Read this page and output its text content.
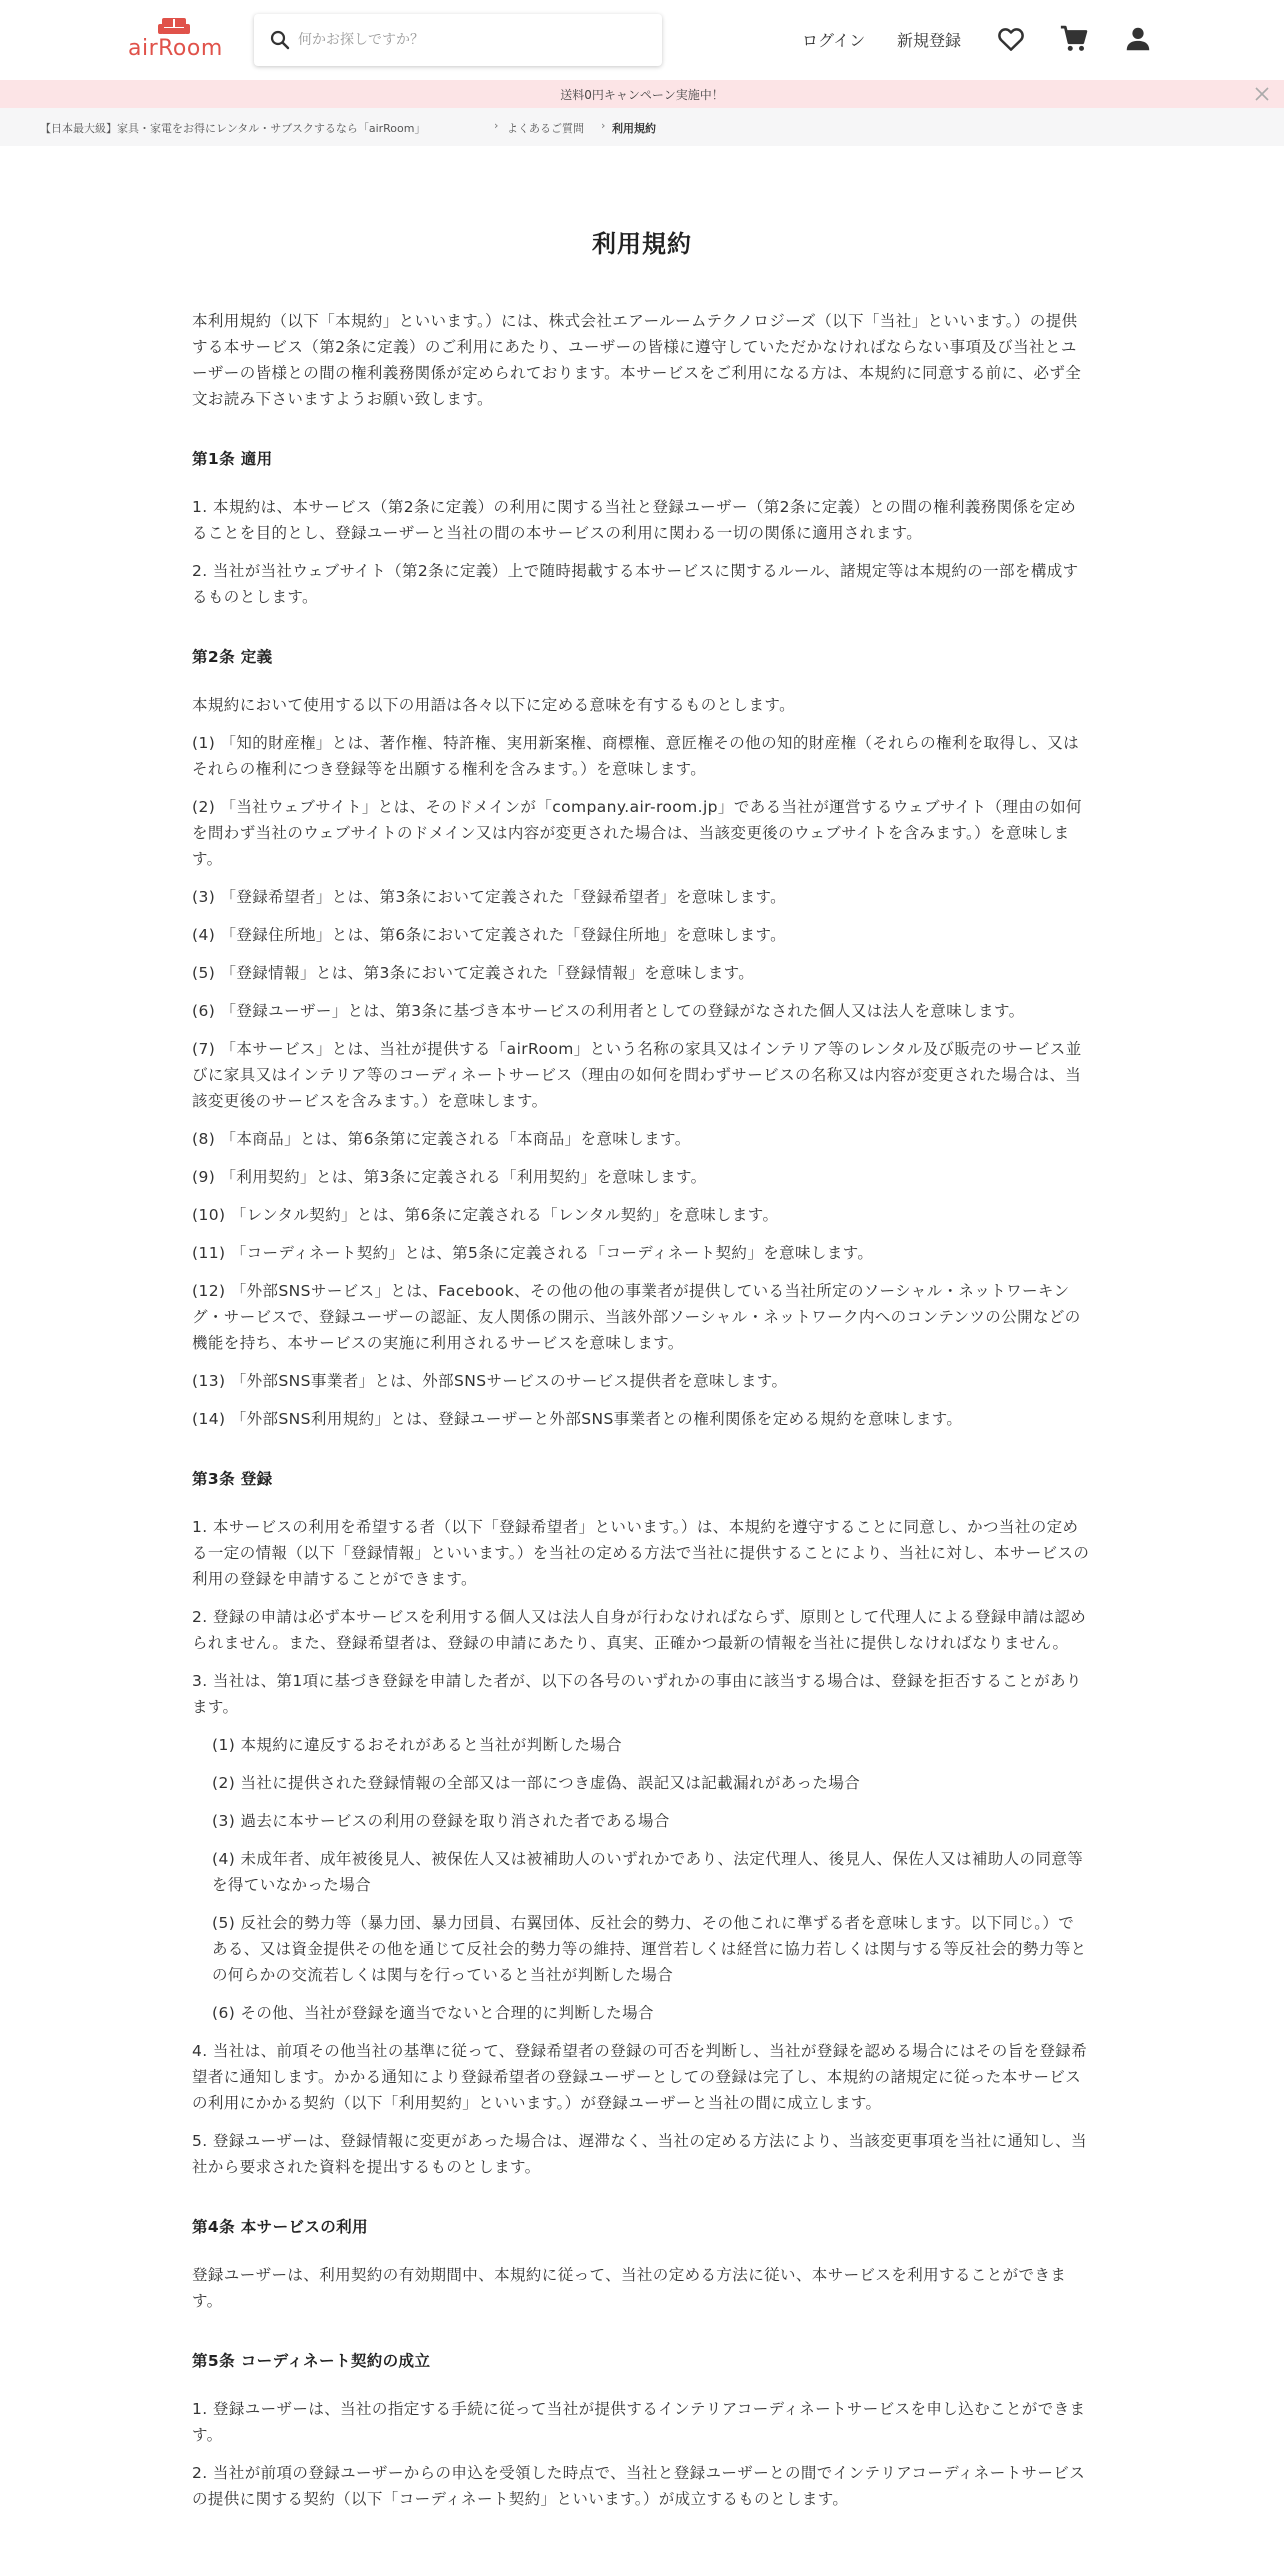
airRoom
何かお探しですか？	ログイン 新規登録
送料0円キャンペーン実施中！
【日本最大級】家具・家電をお得にレンタル・サブスクするなら「airRoom」	› よくあるご質問 › 利用規約
利用規約

本利用規約（以下「本規約」といいます。）には、株式会社エアールームテクノロジーズ（以下「当社」といいます。）の提供する本サービス（第2条に定義）のご利用にあたり、ユーザーの皆様に遵守していただかなければならない事項及び当社とユーザーの皆様との間の権利義務関係が定められております。本サービスをご利用になる方は、本規約に同意する前に、必ず全文お読み下さいますようお願い致します。

第1条 適用

1. 本規約は、本サービス（第2条に定義）の利用に関する当社と登録ユーザー（第2条に定義）との間の権利義務関係を定めることを目的とし、登録ユーザーと当社の間の本サービスの利用に関わる一切の関係に適用されます。

2. 当社が当社ウェブサイト（第2条に定義）上で随時掲載する本サービスに関するルール、諸規定等は本規約の一部を構成するものとします。

第2条 定義

本規約において使用する以下の用語は各々以下に定める意味を有するものとします。

(1) 「知的財産権」とは、著作権、特許権、実用新案権、商標権、意匠権その他の知的財産権（それらの権利を取得し、又はそれらの権利につき登録等を出願する権利を含みます。）を意味します。

(2) 「当社ウェブサイト」とは、そのドメインが「company.air-room.jp」である当社が運営するウェブサイト（理由の如何を問わず当社のウェブサイトのドメイン又は内容が変更された場合は、当該変更後のウェブサイトを含みます。）を意味します。

(3) 「登録希望者」とは、第3条において定義された「登録希望者」を意味します。

(4) 「登録住所地」とは、第6条において定義された「登録住所地」を意味します。

(5) 「登録情報」とは、第3条において定義された「登録情報」を意味します。

(6) 「登録ユーザー」とは、第3条に基づき本サービスの利用者としての登録がなされた個人又は法人を意味します。

(7) 「本サービス」とは、当社が提供する「airRoom」という名称の家具又はインテリア等のレンタル及び販売のサービス並びに家具又はインテリア等のコーディネートサービス（理由の如何を問わずサービスの名称又は内容が変更された場合は、当該変更後のサービスを含みます。）を意味します。

(8) 「本商品」とは、第6条第に定義される「本商品」を意味します。

(9) 「利用契約」とは、第3条に定義される「利用契約」を意味します。

(10) 「レンタル契約」とは、第6条に定義される「レンタル契約」を意味します。

(11) 「コーディネート契約」とは、第5条に定義される「コーディネート契約」を意味します。

(12) 「外部SNSサービス」とは、Facebook、その他の他の事業者が提供している当社所定のソーシャル・ネットワーキング・サービスで、登録ユーザーの認証、友人関係の開示、当該外部ソーシャル・ネットワーク内へのコンテンツの公開などの機能を持ち、本サービスの実施に利用されるサービスを意味します。

(13) 「外部SNS事業者」とは、外部SNSサービスのサービス提供者を意味します。

(14) 「外部SNS利用規約」とは、登録ユーザーと外部SNS事業者との権利関係を定める規約を意味します。

第3条 登録

1. 本サービスの利用を希望する者（以下「登録希望者」といいます。）は、本規約を遵守することに同意し、かつ当社の定める一定の情報（以下「登録情報」といいます。）を当社の定める方法で当社に提供することにより、当社に対し、本サービスの利用の登録を申請することができます。

2. 登録の申請は必ず本サービスを利用する個人又は法人自身が行わなければならず、原則として代理人による登録申請は認められません。また、登録希望者は、登録の申請にあたり、真実、正確かつ最新の情報を当社に提供しなければなりません。

3. 当社は、第1項に基づき登録を申請した者が、以下の各号のいずれかの事由に該当する場合は、登録を拒否することがあります。

(1) 本規約に違反するおそれがあると当社が判断した場合

(2) 当社に提供された登録情報の全部又は一部につき虚偽、誤記又は記載漏れがあった場合

(3) 過去に本サービスの利用の登録を取り消された者である場合

(4) 未成年者、成年被後見人、被保佐人又は被補助人のいずれかであり、法定代理人、後見人、保佐人又は補助人の同意等を得ていなかった場合

(5) 反社会的勢力等（暴力団、暴力団員、右翼団体、反社会的勢力、その他これに準ずる者を意味します。以下同じ。）である、又は資金提供その他を通じて反社会的勢力等の維持、運営若しくは経営に協力若しくは関与する等反社会的勢力等との何らかの交流若しくは関与を行っていると当社が判断した場合

(6) その他、当社が登録を適当でないと合理的に判断した場合

4. 当社は、前項その他当社の基準に従って、登録希望者の登録の可否を判断し、当社が登録を認める場合にはその旨を登録希望者に通知します。かかる通知により登録希望者の登録ユーザーとしての登録は完了し、本規約の諸規定に従った本サービスの利用にかかる契約（以下「利用契約」といいます。）が登録ユーザーと当社の間に成立します。

5. 登録ユーザーは、登録情報に変更があった場合は、遅滞なく、当社の定める方法により、当該変更事項を当社に通知し、当社から要求された資料を提出するものとします。

第4条 本サービスの利用

登録ユーザーは、利用契約の有効期間中、本規約に従って、当社の定める方法に従い、本サービスを利用することができます。

第5条 コーディネート契約の成立

1. 登録ユーザーは、当社の指定する手続に従って当社が提供するインテリアコーディネートサービスを申し込むことができます。

2. 当社が前項の登録ユーザーからの申込を受領した時点で、当社と登録ユーザーとの間でインテリアコーディネートサービスの提供に関する契約（以下「コーディネート契約」といいます。）が成立するものとします。
